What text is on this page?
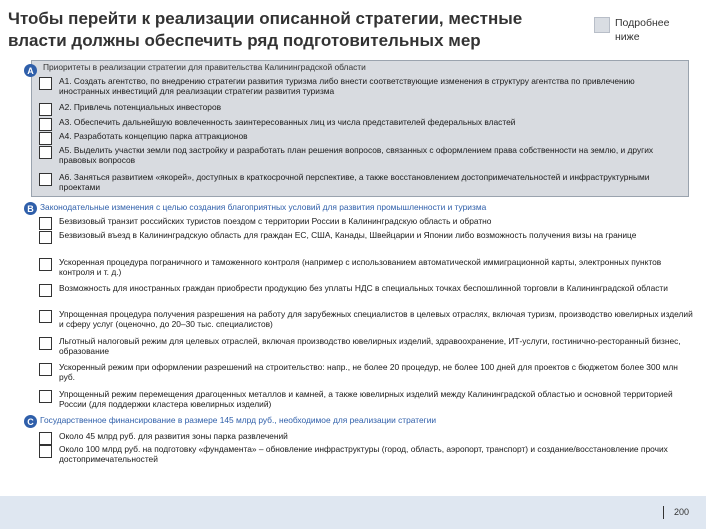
Чтобы перейти к реализации описанной стратегии, местные власти должны обеспечить ряд подготовительных мер
Подробнее ниже
A	Приоритеты в реализации стратегии для правительства Калининградской области
А1. Создать агентство, по внедрению стратегии развития туризма либо внести соответствующие изменения в структуру агентства по привлечению иностранных инвестиций для реализации стратегии развития туризма
А2. Привлечь потенциальных инвесторов
А3. Обеспечить дальнейшую вовлеченность заинтересованных лиц из числа представителей федеральных властей
А4. Разработать концепцию парка аттракционов
А5. Выделить участки земли под застройку и разработать план решения вопросов, связанных с оформлением права собственности на землю, и других правовых вопросов
А6. Заняться развитием «якорей», доступных в краткосрочной перспективе, а также восстановлением достопримечательностей и инфраструктурными проектами
B Законодательные изменения с целью создания благоприятных условий для развития промышленности и туризма
Безвизовый транзит российских туристов поездом с территории России в Калининградскую область и обратно
Безвизовый въезд в Калининградскую область для граждан ЕС, США, Канады, Швейцарии и Японии либо возможность получения визы на границе
Ускоренная процедура пограничного и таможенного контроля (например с использованием автоматической иммиграционной карты, электронных пунктов контроля и т. д.)
Возможность для иностранных граждан приобрести продукцию без уплаты НДС в специальных точках беспошлинной торговли в Калининградской области
Упрощенная процедура получения разрешения на работу для зарубежных специалистов в целевых отраслях, включая туризм, производство ювелирных изделий и сферу услуг (оценочно, до 20–30 тыс. специалистов)
Льготный налоговый режим для целевых отраслей, включая производство ювелирных изделий, здравоохранение, ИТ-услуги, гостинично-ресторанный бизнес, образование
Ускоренный режим при оформлении разрешений на строительство: напр., не более 20 процедур, не более 100 дней для проектов с бюджетом более 300 млн руб.
Упрощенный режим перемещения драгоценных металлов и камней, а также ювелирных изделий между Калининградской областью и основной территорией России (для поддержки кластера ювелирных изделий)
C Государственное финансирование в размере 145 млрд руб., необходимое для реализации стратегии
Около 45 млрд руб. для развития зоны парка развлечений
Около 100 млрд руб. на подготовку «фундамента» – обновление инфраструктуры (город, область, аэропорт, транспорт) и создание/восстановление прочих достопримечательностей
200
